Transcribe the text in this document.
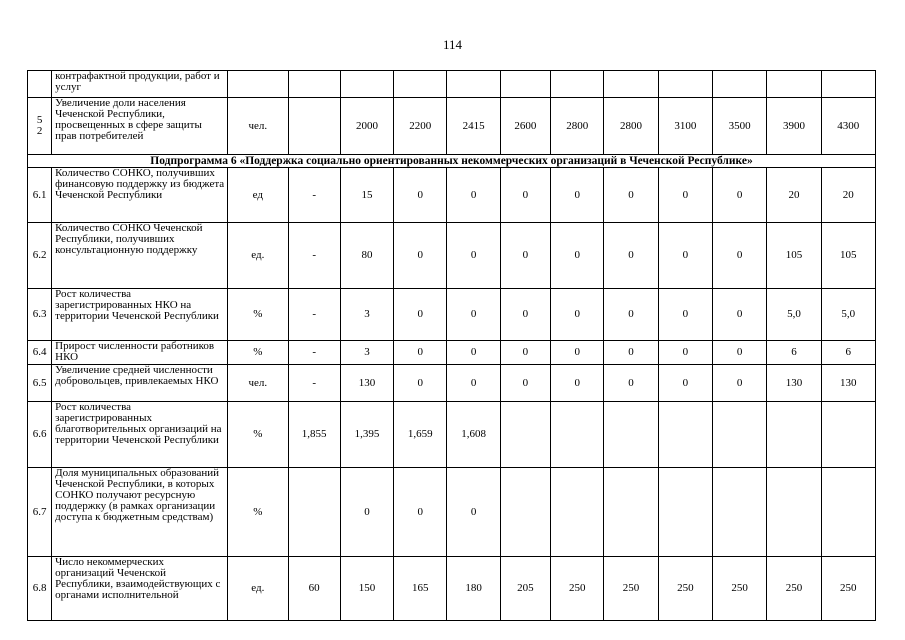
114
	контрафактной продукции, работ и услуг												
5
2	Увеличение доли населения Чеченской Республики, просвещенных в сфере защиты прав потребителей	чел.		2000	2200	2415	2600	2800	2800	3100	3500	3900	4300
Подпрограмма 6 «Поддержка социально ориентированных некоммерческих организаций в Чеченской Республике»													
6.1	Количество СОНКО, получивших финансовую поддержку из бюджета Чеченской Республики	ед	-	15	0	0	0	0	0	0	0	20	20
6.2	Количество СОНКО Чеченской Республики, получивших консультационную поддержку	ед.	-	80	0	0	0	0	0	0	0	105	105
6.3	Рост количества зарегистрированных НКО на территории Чеченской Республики	%	-	3	0	0	0	0	0	0	0	5,0	5,0
6.4	Прирост численности работников НКО	%	-	3	0	0	0	0	0	0	0	6	6
6.5	Увеличение средней численности добровольцев, привлекаемых НКО	чел.	-	130	0	0	0	0	0	0	0	130	130
6.6	Рост количества зарегистрированных благотворительных организаций на территории Чеченской Республики	%	1,855	1,395	1,659	1,608							
6.7	Доля муниципальных образований Чеченской Республики, в которых СОНКО получают ресурсную поддержку (в рамках организации доступа к бюджетным средствам)	%		0	0	0							
6.8	Число некоммерческих организаций Чеченской Республики, взаимодействующих с органами исполнительной	ед.	60	150	165	180	205	250	250	250	250	250	250
